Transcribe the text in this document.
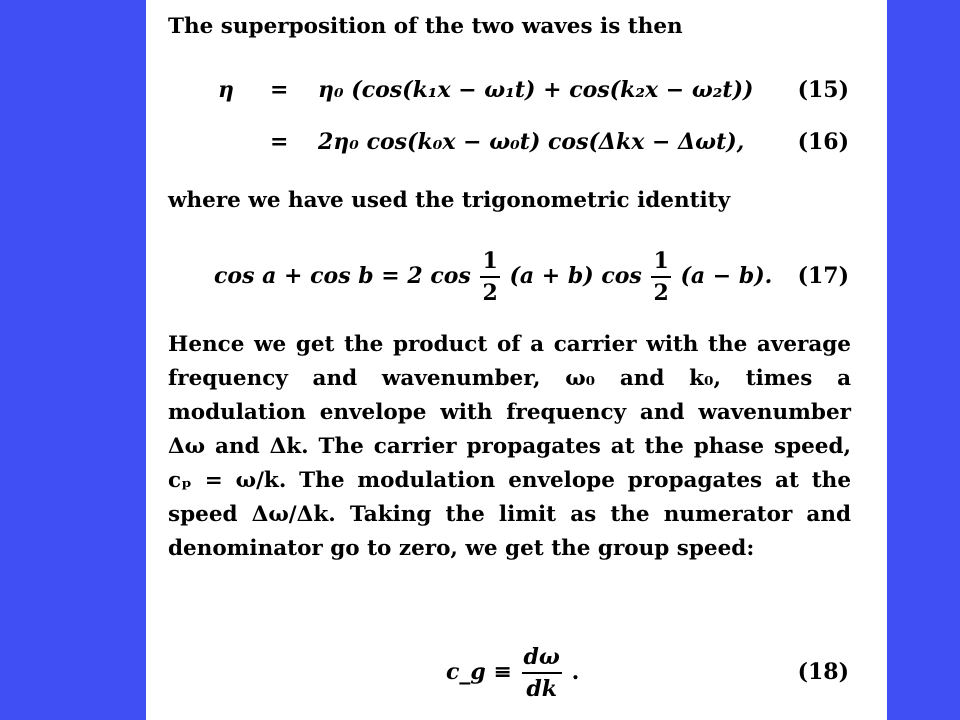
The superposition of the two waves is then

η = η₀ (cos(k₁x − ω₁t) + cos(k₂x − ω₂t)) (15)
= 2η₀ cos(k₀x − ω₀t) cos(Δkx − Δωt), (16)

where we have used the trigonometric identity

cos a + cos b = 2 $\cos \frac{1}{2} (a + b)$ $\cos \frac{1}{2} (a - b)$. (17)

Hence we get the product of a carrier with the average frequency and wavenumber, ω₀ and k₀, times a modulation envelope with frequency and wavenumber Δω and Δk. The carrier propagates at the phase speed, cₚ = ω/k. The modulation envelope propagates at the speed Δω/Δk. Taking the limit as the numerator and denominator go to zero, we get the group speed:

c_g ≡ $\frac{d\omega}{dk}$ .	(18)
